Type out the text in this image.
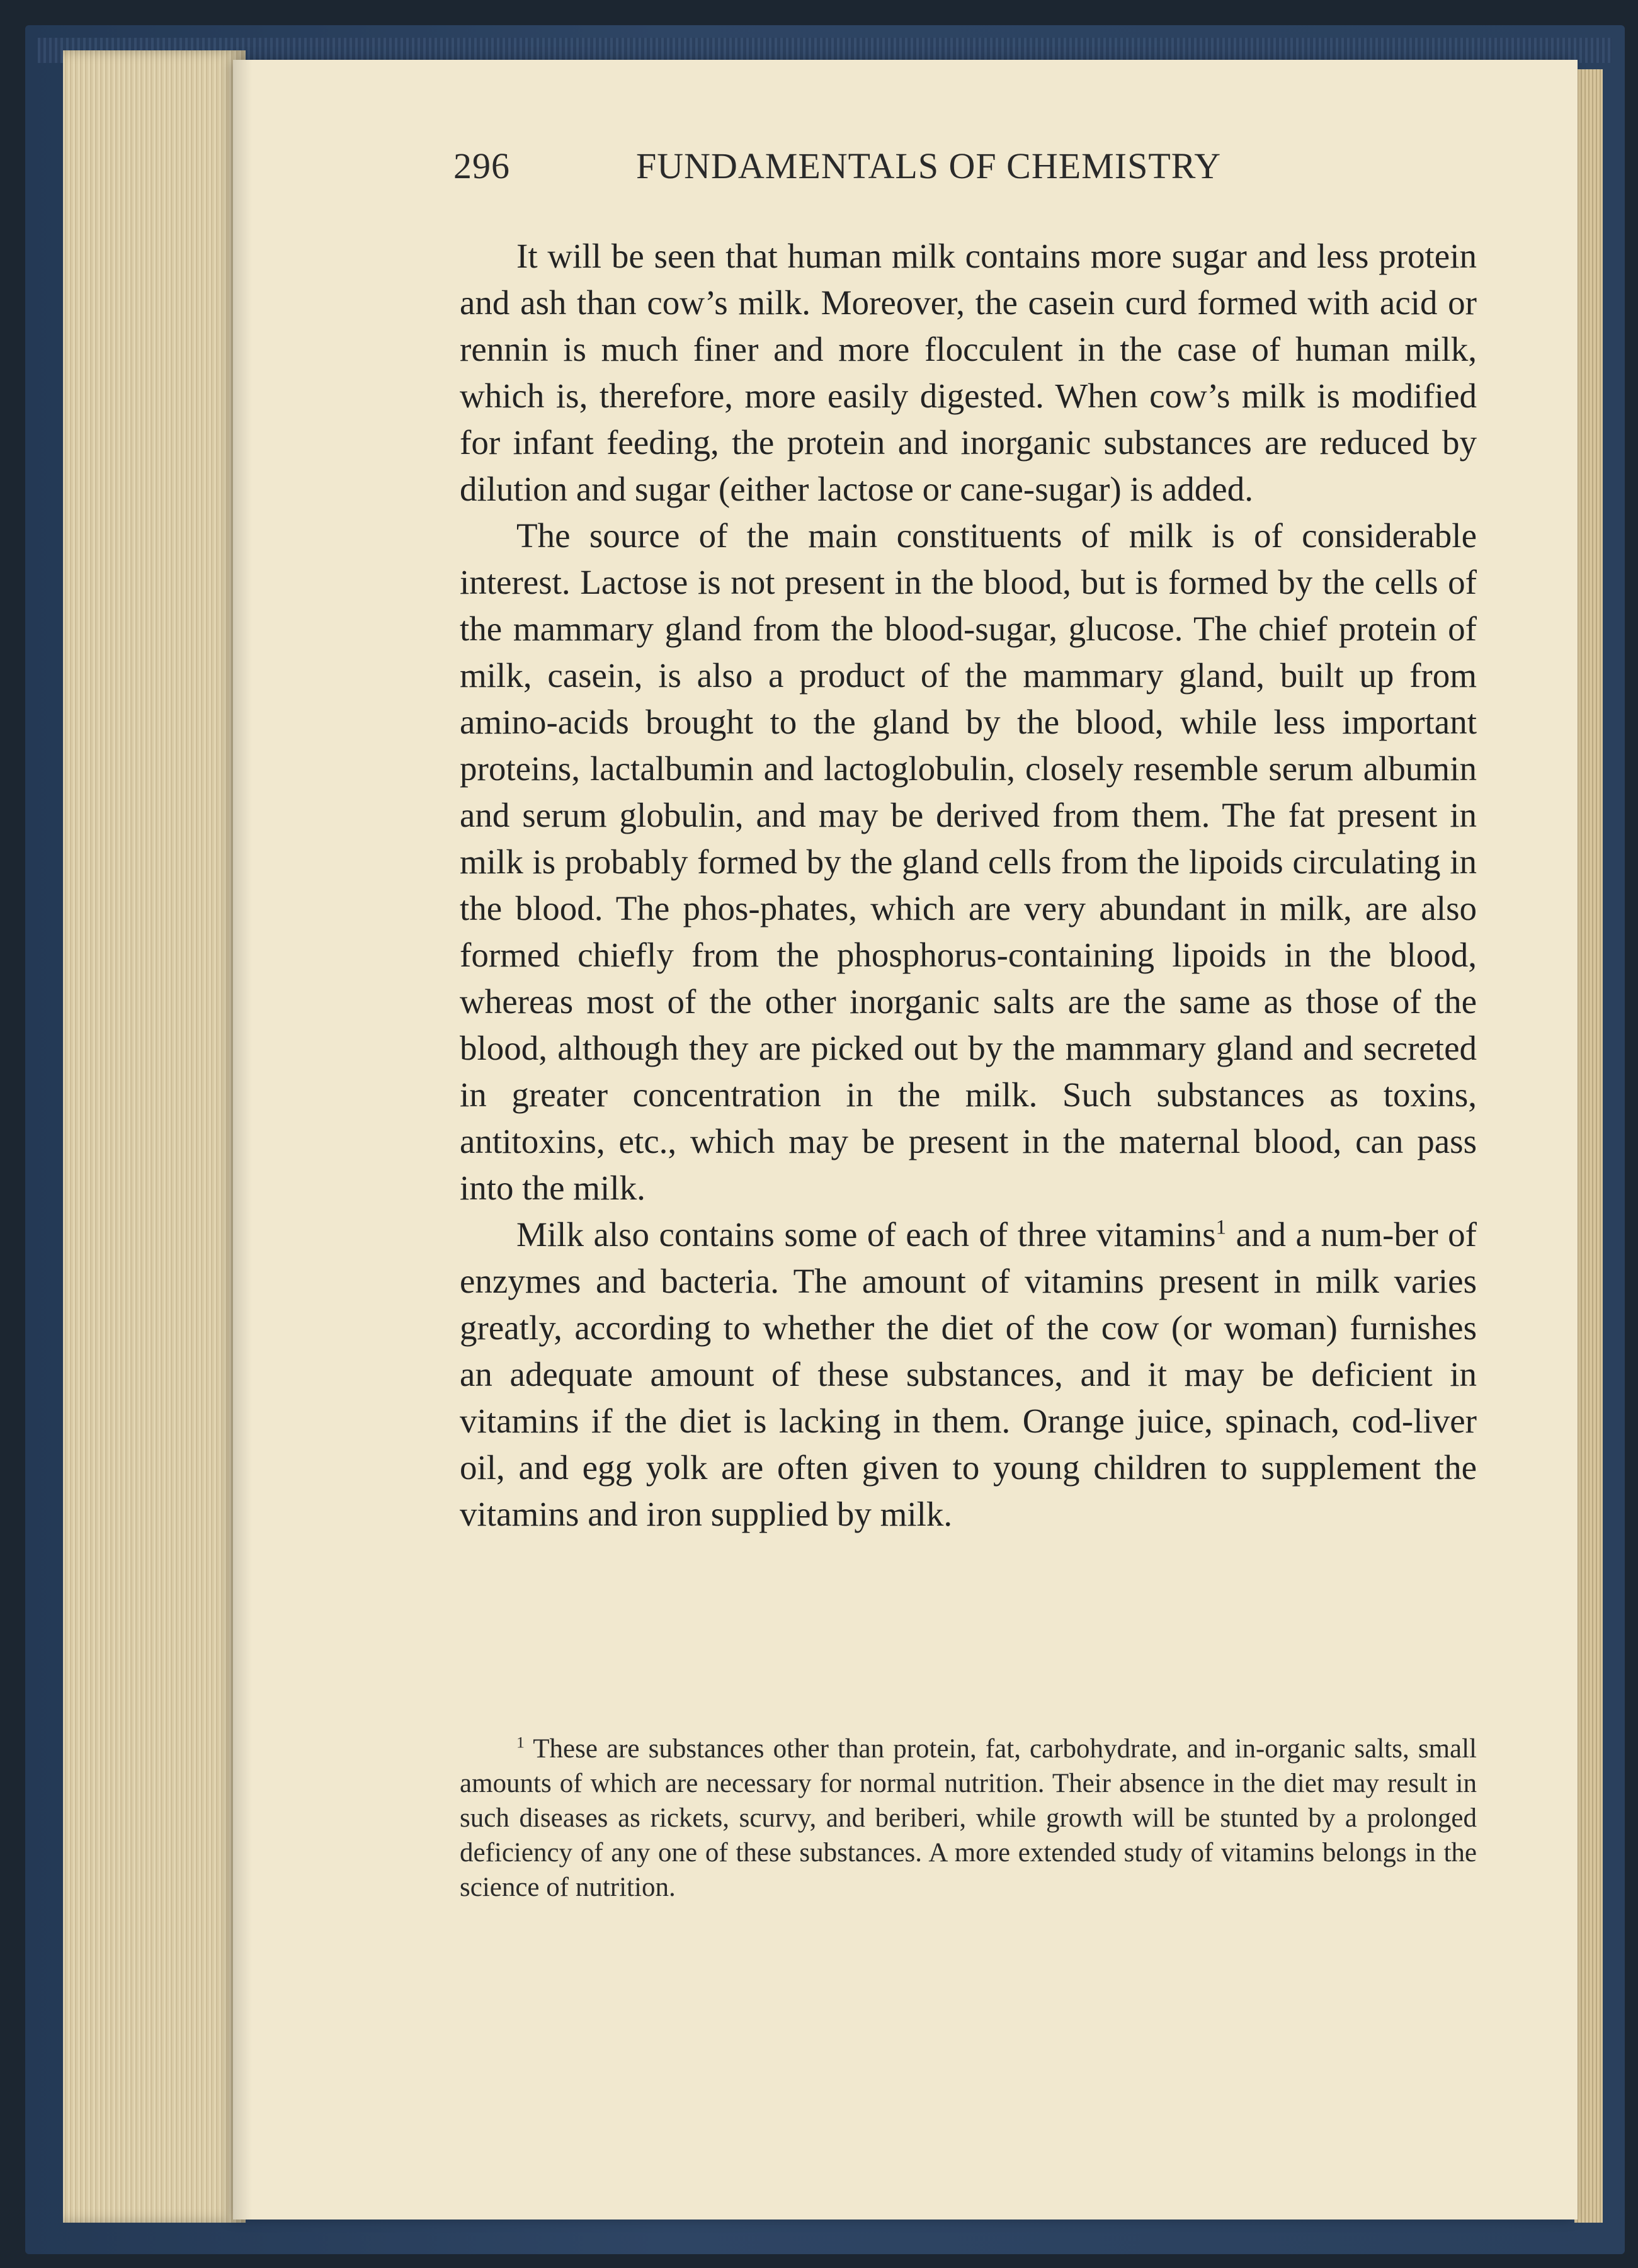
296	FUNDAMENTALS OF CHEMISTRY

It will be seen that human milk contains more sugar and less protein and ash than cow’s milk. Moreover, the casein curd formed with acid or rennin is much finer and more flocculent in the case of human milk, which is, therefore, more easily digested. When cow’s milk is modified for infant feeding, the protein and inorganic substances are reduced by dilution and sugar (either lactose or cane-sugar) is added.

The source of the main constituents of milk is of considerable interest. Lactose is not present in the blood, but is formed by the cells of the mammary gland from the blood-sugar, glucose. The chief protein of milk, casein, is also a product of the mammary gland, built up from amino-acids brought to the gland by the blood, while less important proteins, lactalbumin and lactoglobulin, closely resemble serum albumin and serum globulin, and may be derived from them. The fat present in milk is probably formed by the gland cells from the lipoids circulating in the blood. The phos-phates, which are very abundant in milk, are also formed chiefly from the phosphorus-containing lipoids in the blood, whereas most of the other inorganic salts are the same as those of the blood, although they are picked out by the mammary gland and secreted in greater concentration in the milk. Such substances as toxins, antitoxins, etc., which may be present in the maternal blood, can pass into the milk.

Milk also contains some of each of three vitamins$^1$ and a num-ber of enzymes and bacteria. The amount of vitamins present in milk varies greatly, according to whether the diet of the cow (or woman) furnishes an adequate amount of these substances, and it may be deficient in vitamins if the diet is lacking in them. Orange juice, spinach, cod-liver oil, and egg yolk are often given to young children to supplement the vitamins and iron supplied by milk.

$^1$ These are substances other than protein, fat, carbohydrate, and in-organic salts, small amounts of which are necessary for normal nutrition. Their absence in the diet may result in such diseases as rickets, scurvy, and beriberi, while growth will be stunted by a prolonged deficiency of any one of these substances. A more extended study of vitamins belongs in the science of nutrition.
